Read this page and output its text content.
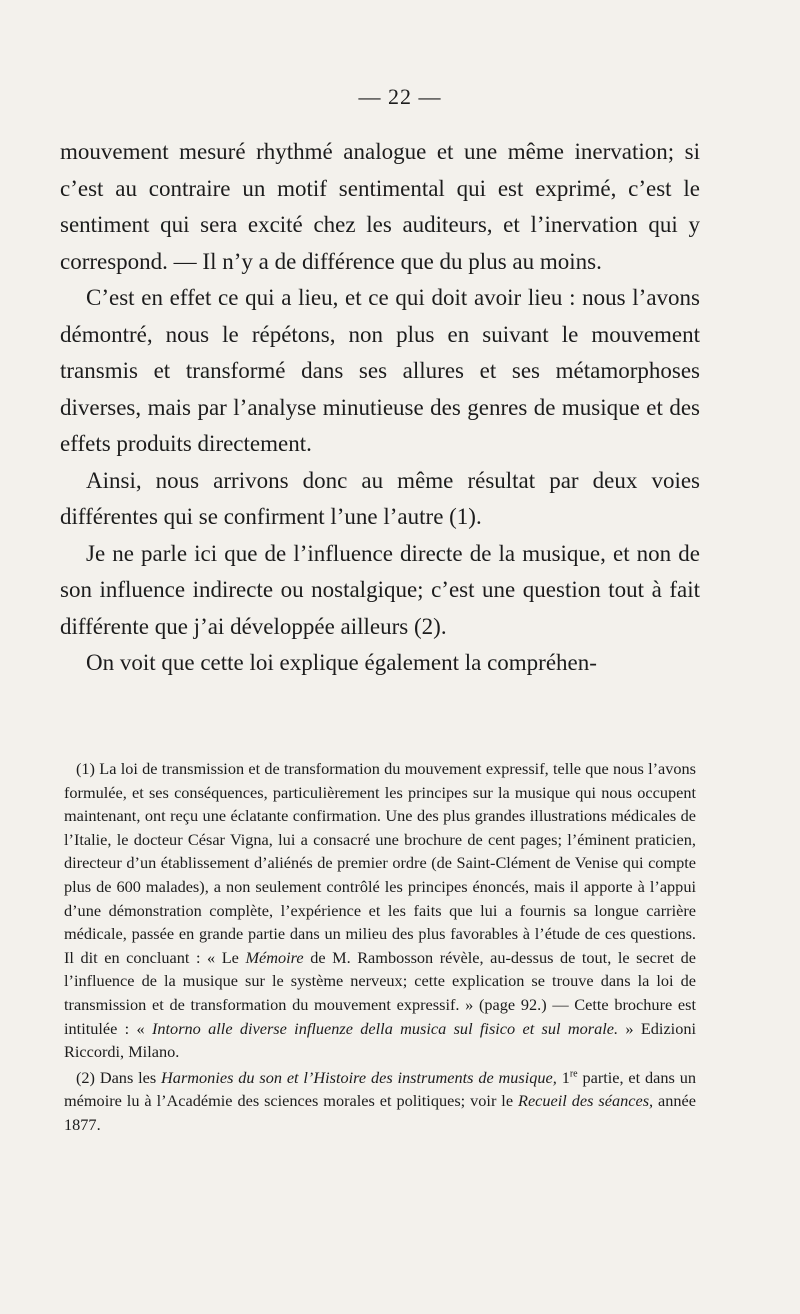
— 22 —

mouvement mesuré rhythmé analogue et une même inervation; si c’est au contraire un motif sentimental qui est exprimé, c’est le sentiment qui sera excité chez les auditeurs, et l’inervation qui y correspond. — Il n’y a de différence que du plus au moins.

C’est en effet ce qui a lieu, et ce qui doit avoir lieu : nous l’avons démontré, nous le répétons, non plus en suivant le mouvement transmis et transformé dans ses allures et ses métamorphoses diverses, mais par l’analyse minutieuse des genres de musique et des effets produits directement.

Ainsi, nous arrivons donc au même résultat par deux voies différentes qui se confirment l’une l’autre (1).

Je ne parle ici que de l’influence directe de la musique, et non de son influence indirecte ou nostalgique; c’est une question tout à fait différente que j’ai développée ailleurs (2).

On voit que cette loi explique également la compréhen-

(1) La loi de transmission et de transformation du mouvement expressif, telle que nous l’avons formulée, et ses conséquences, particulièrement les principes sur la musique qui nous occupent maintenant, ont reçu une éclatante confirmation. Une des plus grandes illustrations médicales de l’Italie, le docteur César Vigna, lui a consacré une brochure de cent pages; l’éminent praticien, directeur d’un établissement d’aliénés de premier ordre (de Saint-Clément de Venise qui compte plus de 600 malades), a non seulement contrôlé les principes énoncés, mais il apporte à l’appui d’une démonstration complète, l’expérience et les faits que lui a fournis sa longue carrière médicale, passée en grande partie dans un milieu des plus favorables à l’étude de ces questions. Il dit en concluant : « Le Mémoire de M. Rambosson révèle, au-dessus de tout, le secret de l’influence de la musique sur le système nerveux; cette explication se trouve dans la loi de transmission et de transformation du mouvement expressif. » (page 92.) — Cette brochure est intitulée : « Intorno alle diverse influenze della musica sul fisico et sul morale. » Edizioni Riccordi, Milano.

(2) Dans les Harmonies du son et l’Histoire des instruments de musique, 1re partie, et dans un mémoire lu à l’Académie des sciences morales et politiques; voir le Recueil des séances, année 1877.
